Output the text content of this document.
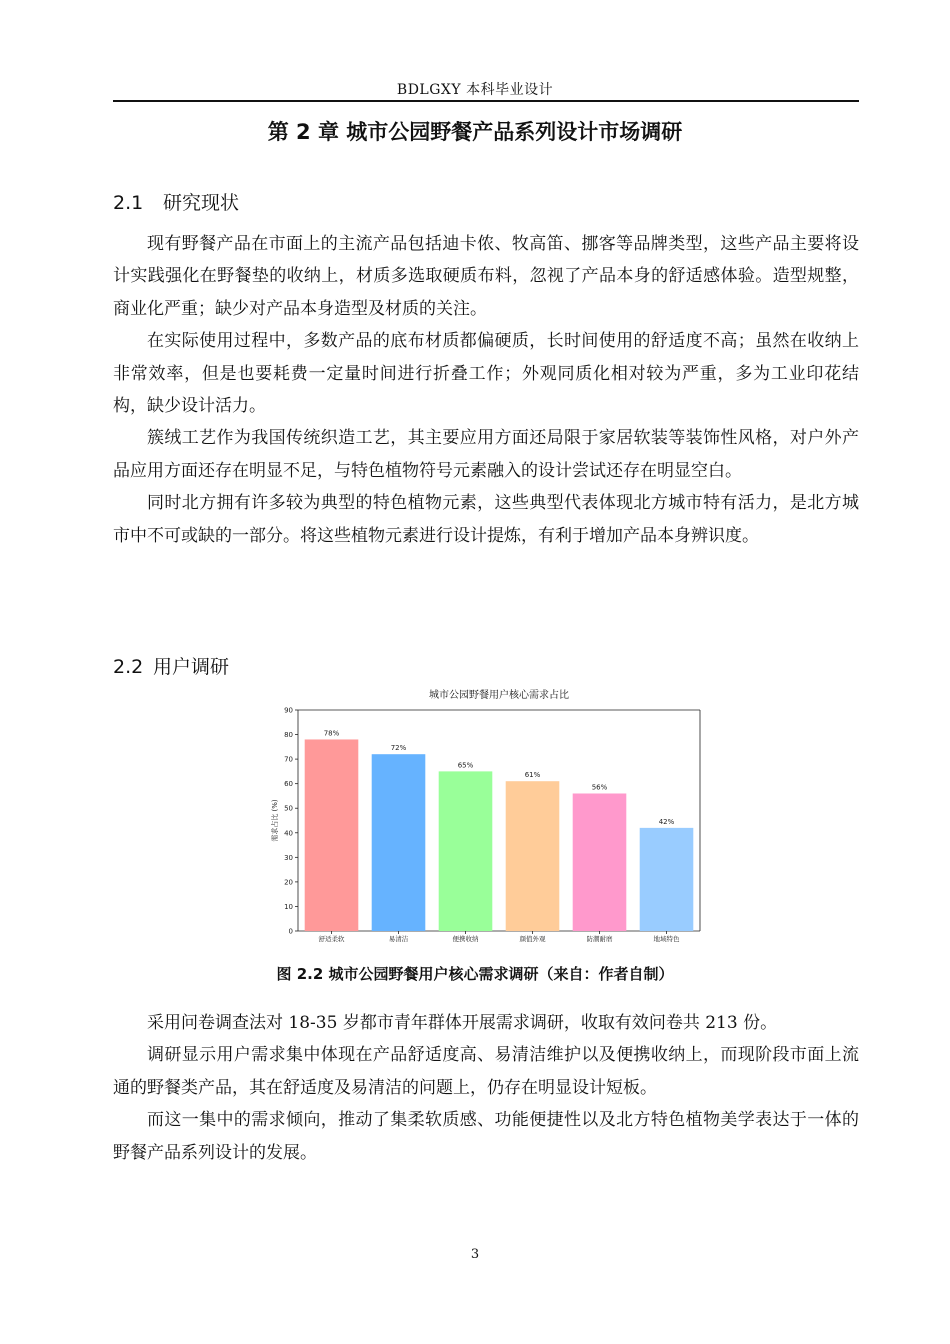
BDLGXY 本科毕业设计
第 2 章 城市公园野餐产品系列设计市场调研
2.1 研究现状

现有野餐产品在市面上的主流产品包括迪卡侬、牧高笛、挪客等品牌类型，这些产品主要将设计实践强化在野餐垫的收纳上，材质多选取硬质布料，忽视了产品本身的舒适感体验。造型规整，商业化严重；缺少对产品本身造型及材质的关注。

在实际使用过程中，多数产品的底布材质都偏硬质，长时间使用的舒适度不高；虽然在收纳上非常效率，但是也要耗费一定量时间进行折叠工作；外观同质化相对较为严重，多为工业印花结构，缺少设计活力。

簇绒工艺作为我国传统织造工艺，其主要应用方面还局限于家居软装等装饰性风格，对户外产品应用方面还存在明显不足，与特色植物符号元素融入的设计尝试还存在明显空白。

同时北方拥有许多较为典型的特色植物元素，这些典型代表体现北方城市特有活力，是北方城市中不可或缺的一部分。将这些植物元素进行设计提炼，有利于增加产品本身辨识度。

2.2 用户调研
城市公园野餐用户核心需求占比
0
10
20
30
40
50
60
70
80
90
需求占比 (%)
78%
舒适柔软
72%
易清洁
65%
便携收纳
61%
颜值外观
56%
防潮耐磨
42%
地域特色
图 2.2 城市公园野餐用户核心需求调研（来自：作者自制）

采用问卷调查法对 18-35 岁都市青年群体开展需求调研，收取有效问卷共 213 份。

调研显示用户需求集中体现在产品舒适度高、易清洁维护以及便携收纳上，而现阶段市面上流通的野餐类产品，其在舒适度及易清洁的问题上，仍存在明显设计短板。

而这一集中的需求倾向，推动了集柔软质感、功能便捷性以及北方特色植物美学表达于一体的野餐产品系列设计的发展。

3
